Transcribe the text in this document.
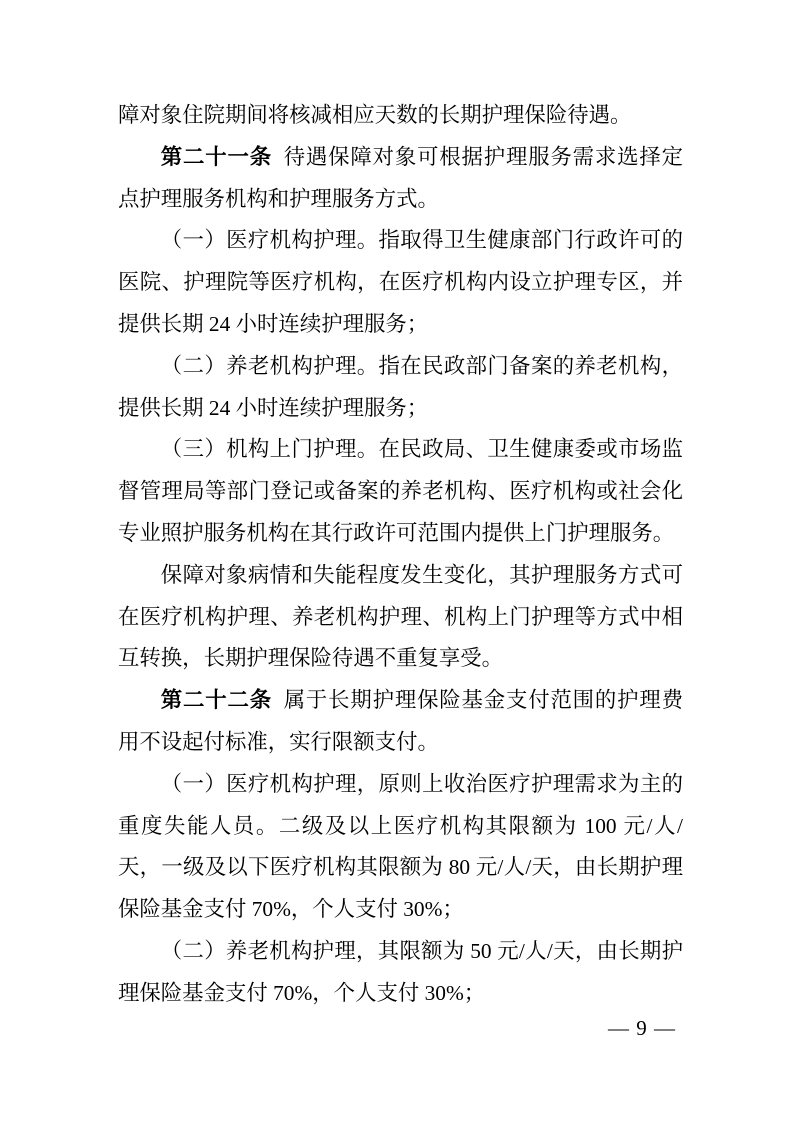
障对象住院期间将核减相应天数的长期护理保险待遇。

第二十一条 待遇保障对象可根据护理服务需求选择定点护理服务机构和护理服务方式。

（一）医疗机构护理。指取得卫生健康部门行政许可的医院、护理院等医疗机构，在医疗机构内设立护理专区，并提供长期 24 小时连续护理服务；

（二）养老机构护理。指在民政部门备案的养老机构，提供长期 24 小时连续护理服务；

（三）机构上门护理。在民政局、卫生健康委或市场监督管理局等部门登记或备案的养老机构、医疗机构或社会化专业照护服务机构在其行政许可范围内提供上门护理服务。

保障对象病情和失能程度发生变化，其护理服务方式可在医疗机构护理、养老机构护理、机构上门护理等方式中相互转换，长期护理保险待遇不重复享受。

第二十二条 属于长期护理保险基金支付范围的护理费用不设起付标准，实行限额支付。

（一）医疗机构护理，原则上收治医疗护理需求为主的重度失能人员。二级及以上医疗机构其限额为 100 元/人/天，一级及以下医疗机构其限额为 80 元/人/天，由长期护理保险基金支付 70%，个人支付 30%；

（二）养老机构护理，其限额为 50 元/人/天，由长期护理保险基金支付 70%，个人支付 30%；

— 9 —
